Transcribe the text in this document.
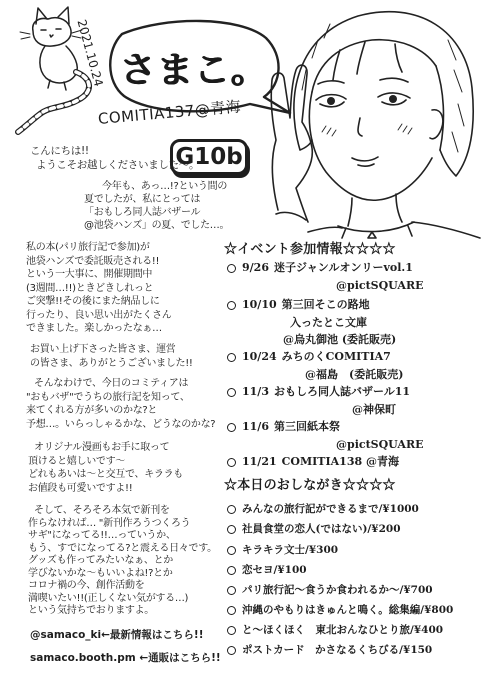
2021.10.24 さまこ。
COMITIA137@青海
G10b
こんにちは!!
ようこそお越しくださいました〜。
今年も、あっ…!?という間の
夏でしたが、私にとっては
「おもしろ同人誌バザール
@池袋ハンズ」の夏、でした…。
私の本(パリ旅行記で参加)が
池袋ハンズで委託販売される!!
という一大事に、開催期間中
(3週間…!!)ときどきしれっと
ご突撃!!その後にまた納品しに
行ったり、良い思い出がたくさん
できました。楽しかったなぁ…
お買い上げ下さった皆さま、運営
の皆さま、ありがとうございました!!
そんなわけで、今日のコミティアは
"おもバザ"でうちの旅行記を知って、
来てくれる方が多いのかな?と
予想…。いらっしゃるかな、どうなのかな?
オリジナル漫画もお手に取って
頂けると嬉しいです〜
どれもあいは〜と交互で、キララも
お値段も可愛いですよ!!
そして、そろそろ本気で新刊を
作らなければ… "新刊作ろうつくろう
サギ"になってる!!…っていうか、
もう、すでになってる?と震える日々です。
グッズも作ってみたいなぁ、とか
学びないかな〜もいいよね!?とか
コロナ禍の今、創作活動を
満喫いたい!!(正しくない気がする…)
という気持ちでおりますよ。
☆イベント参加情報☆☆☆☆
9/26 迷子ジャンルオンリーvol.1
@pictSQUARE
10/10 第三回そこの路地
入ったとこ文庫
@烏丸御池 (委託販売)
10/24 みちのくCOMITIA7
@福島　(委託販売)
11/3 おもしろ同人誌バザール11
@神保町
11/6 第三回紙本祭
@pictSQUARE
11/21 COMITIA138 @青海
☆本日のおしながき☆☆☆☆
みんなの旅行記ができるまで/¥1000
社員食堂の恋人(ではない)/¥200
キラキラ文士/¥300
恋セヨ/¥100
パリ旅行記〜食うか食われるか〜/¥700
沖縄のやもりはきゅんと鳴く。総集編/¥800
と〜ほくほく　東北おんなひとり旅/¥400
ポストカード　かさなるくちびる/¥150
@samaco_ki←最新情報はこちら!!
samaco.booth.pm ←通販はこちら!!
